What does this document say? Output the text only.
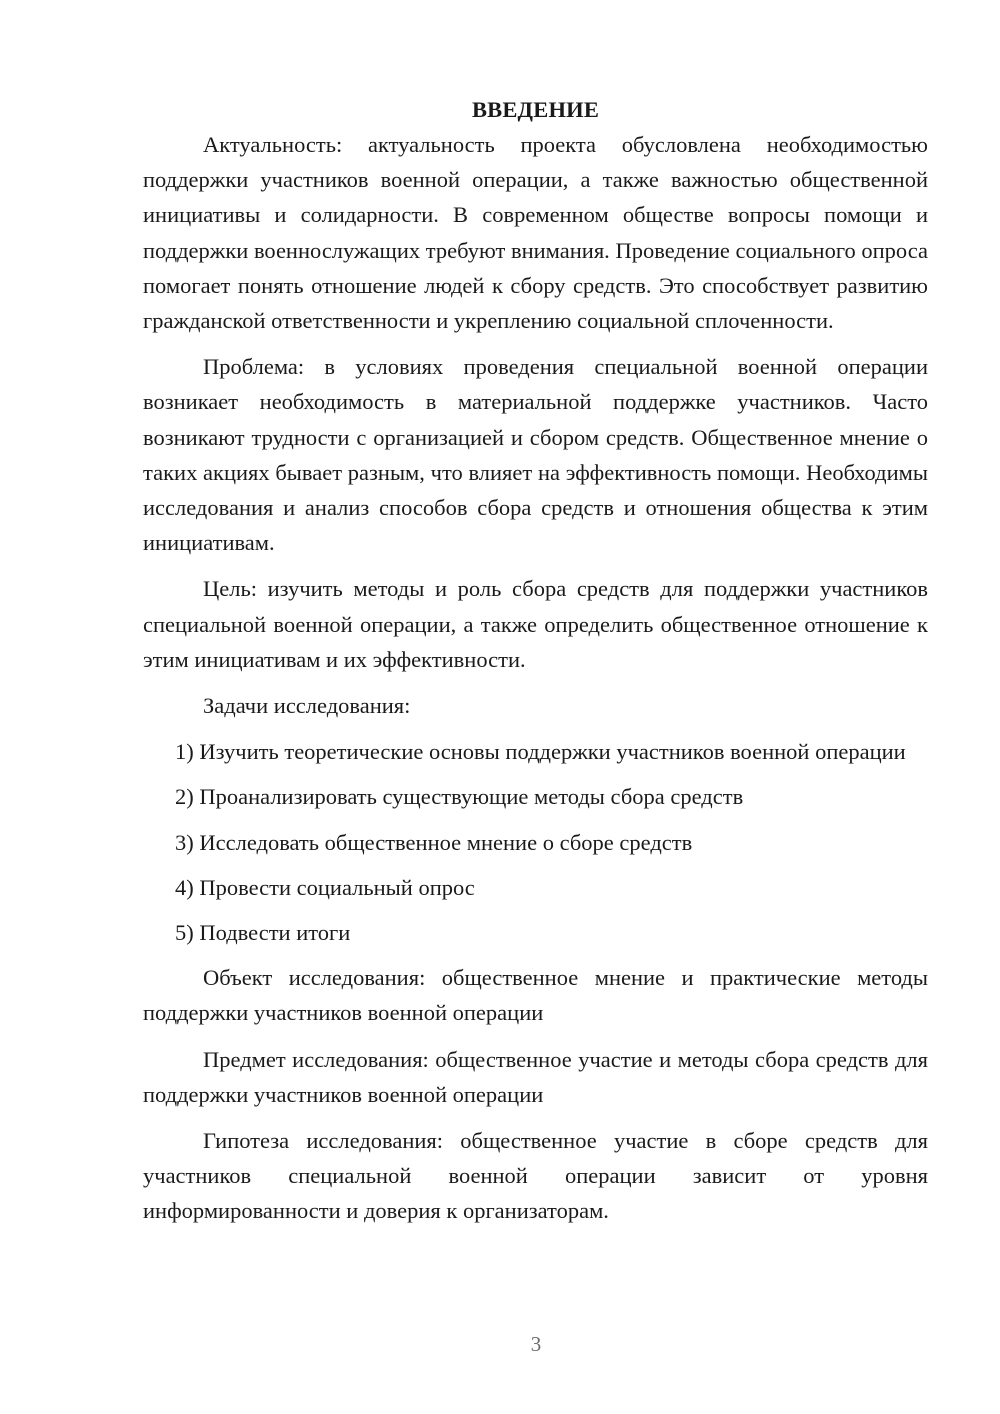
ВВЕДЕНИЕ

Актуальность: актуальность проекта обусловлена необходимостью поддержки участников военной операции, а также важностью общественной инициативы и солидарности. В современном обществе вопросы помощи и поддержки военнослужащих требуют внимания. Проведение социального опроса помогает понять отношение людей к сбору средств. Это способствует развитию гражданской ответственности и укреплению социальной сплоченности.

Проблема: в условиях проведения специальной военной операции возникает необходимость в материальной поддержке участников. Часто возникают трудности с организацией и сбором средств. Общественное мнение о таких акциях бывает разным, что влияет на эффективность помощи. Необходимы исследования и анализ способов сбора средств и отношения общества к этим инициативам.

Цель: изучить методы и роль сбора средств для поддержки участников специальной военной операции, а также определить общественное отношение к этим инициативам и их эффективности.

Задачи исследования:

1) Изучить теоретические основы поддержки участников военной операции

2) Проанализировать существующие методы сбора средств

3) Исследовать общественное мнение о сборе средств

4) Провести социальный опрос

5) Подвести итоги

Объект исследования: общественное мнение и практические методы поддержки участников военной операции

Предмет исследования: общественное участие и методы сбора средств для поддержки участников военной операции

Гипотеза исследования: общественное участие в сборе средств для участников специальной военной операции зависит от уровня информированности и доверия к организаторам.

3
